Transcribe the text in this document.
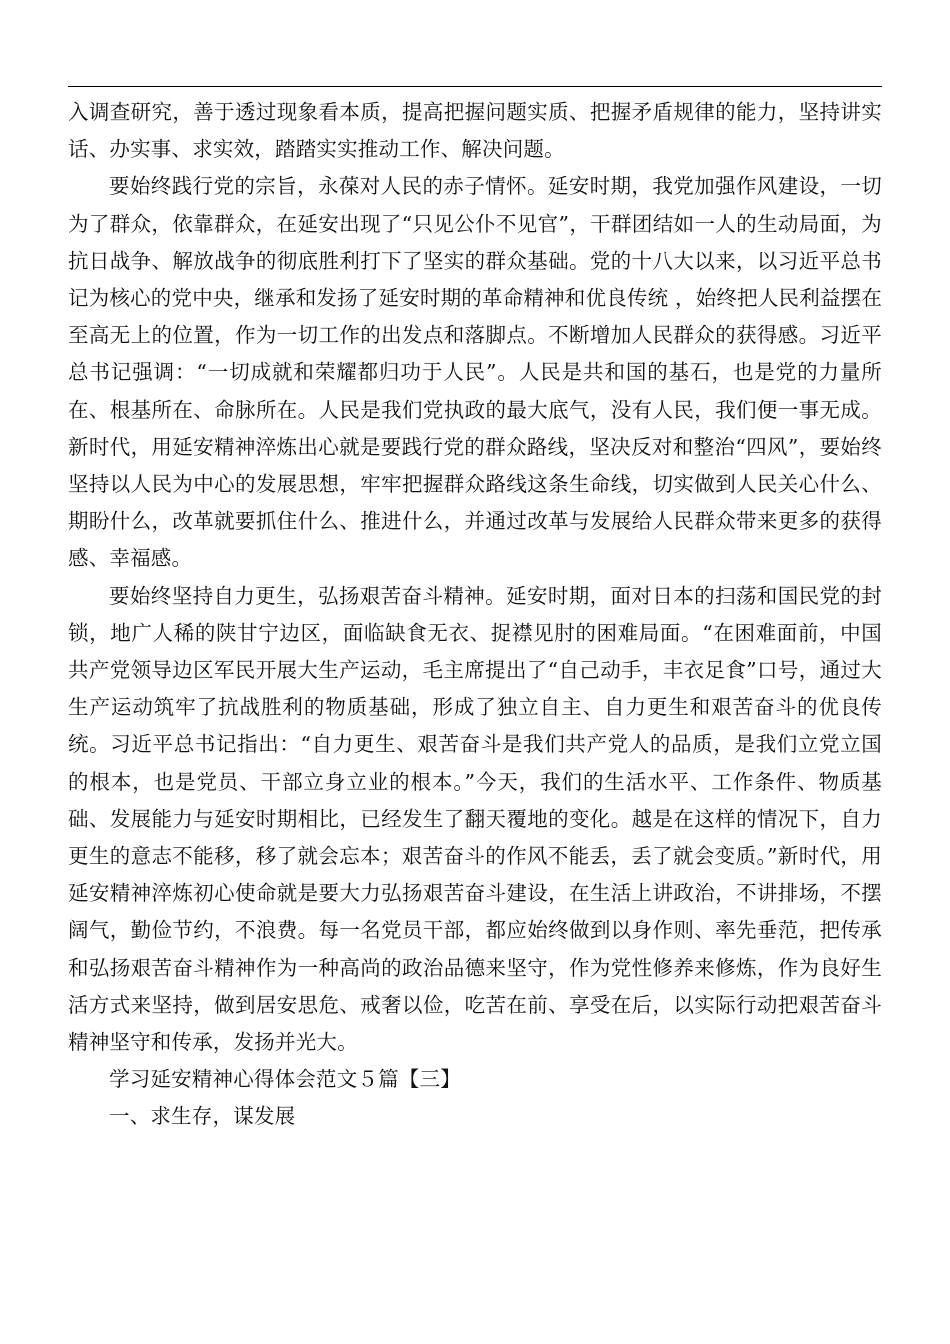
入调查研究，善于透过现象看本质，提高把握问题实质、把握矛盾规律的能力，坚持讲实话、办实事、求实效，踏踏实实推动工作、解决问题。

要始终践行党的宗旨，永葆对人民的赤子情怀。延安时期，我党加强作风建设，一切为了群众，依靠群众，在延安出现了“只见公仆不见官”，干群团结如一人的生动局面，为抗日战争、解放战争的彻底胜利打下了坚实的群众基础。党的十八大以来，以习近平总书记为核心的党中央，继承和发扬了延安时期的革命精神和优良传统 ，始终把人民利益摆在至高无上的位置，作为一切工作的出发点和落脚点。不断增加人民群众的获得感。习近平总书记强调：“一切成就和荣耀都归功于人民”。人民是共和国的基石，也是党的力量所在、根基所在、命脉所在。人民是我们党执政的最大底气，没有人民，我们便一事无成。新时代，用延安精神淬炼出心就是要践行党的群众路线，坚决反对和整治“四风”，要始终坚持以人民为中心的发展思想，牢牢把握群众路线这条生命线，切实做到人民关心什么、期盼什么，改革就要抓住什么、推进什么，并通过改革与发展给人民群众带来更多的获得感、幸福感。

要始终坚持自力更生，弘扬艰苦奋斗精神。延安时期，面对日本的扫荡和国民党的封锁，地广人稀的陕甘宁边区，面临缺食无衣、捉襟见肘的困难局面。“在困难面前，中国共产党领导边区军民开展大生产运动，毛主席提出了“自己动手，丰衣足食”口号，通过大生产运动筑牢了抗战胜利的物质基础，形成了独立自主、自力更生和艰苦奋斗的优良传统。习近平总书记指出：“自力更生、艰苦奋斗是我们共产党人的品质，是我们立党立国的根本，也是党员、干部立身立业的根本。”今天，我们的生活水平、工作条件、物质基础、发展能力与延安时期相比，已经发生了翻天覆地的变化。越是在这样的情况下，自力更生的意志不能移，移了就会忘本；艰苦奋斗的作风不能丢，丢了就会变质。”新时代，用延安精神淬炼初心使命就是要大力弘扬艰苦奋斗建设，在生活上讲政治，不讲排场，不摆阔气，勤俭节约，不浪费。每一名党员干部，都应始终做到以身作则、率先垂范，把传承和弘扬艰苦奋斗精神作为一种高尚的政治品德来坚守，作为党性修养来修炼，作为良好生活方式来坚持，做到居安思危、戒奢以俭，吃苦在前、享受在后，以实际行动把艰苦奋斗精神坚守和传承，发扬并光大。

学习延安精神心得体会范文５篇【三】

一、求生存，谋发展
